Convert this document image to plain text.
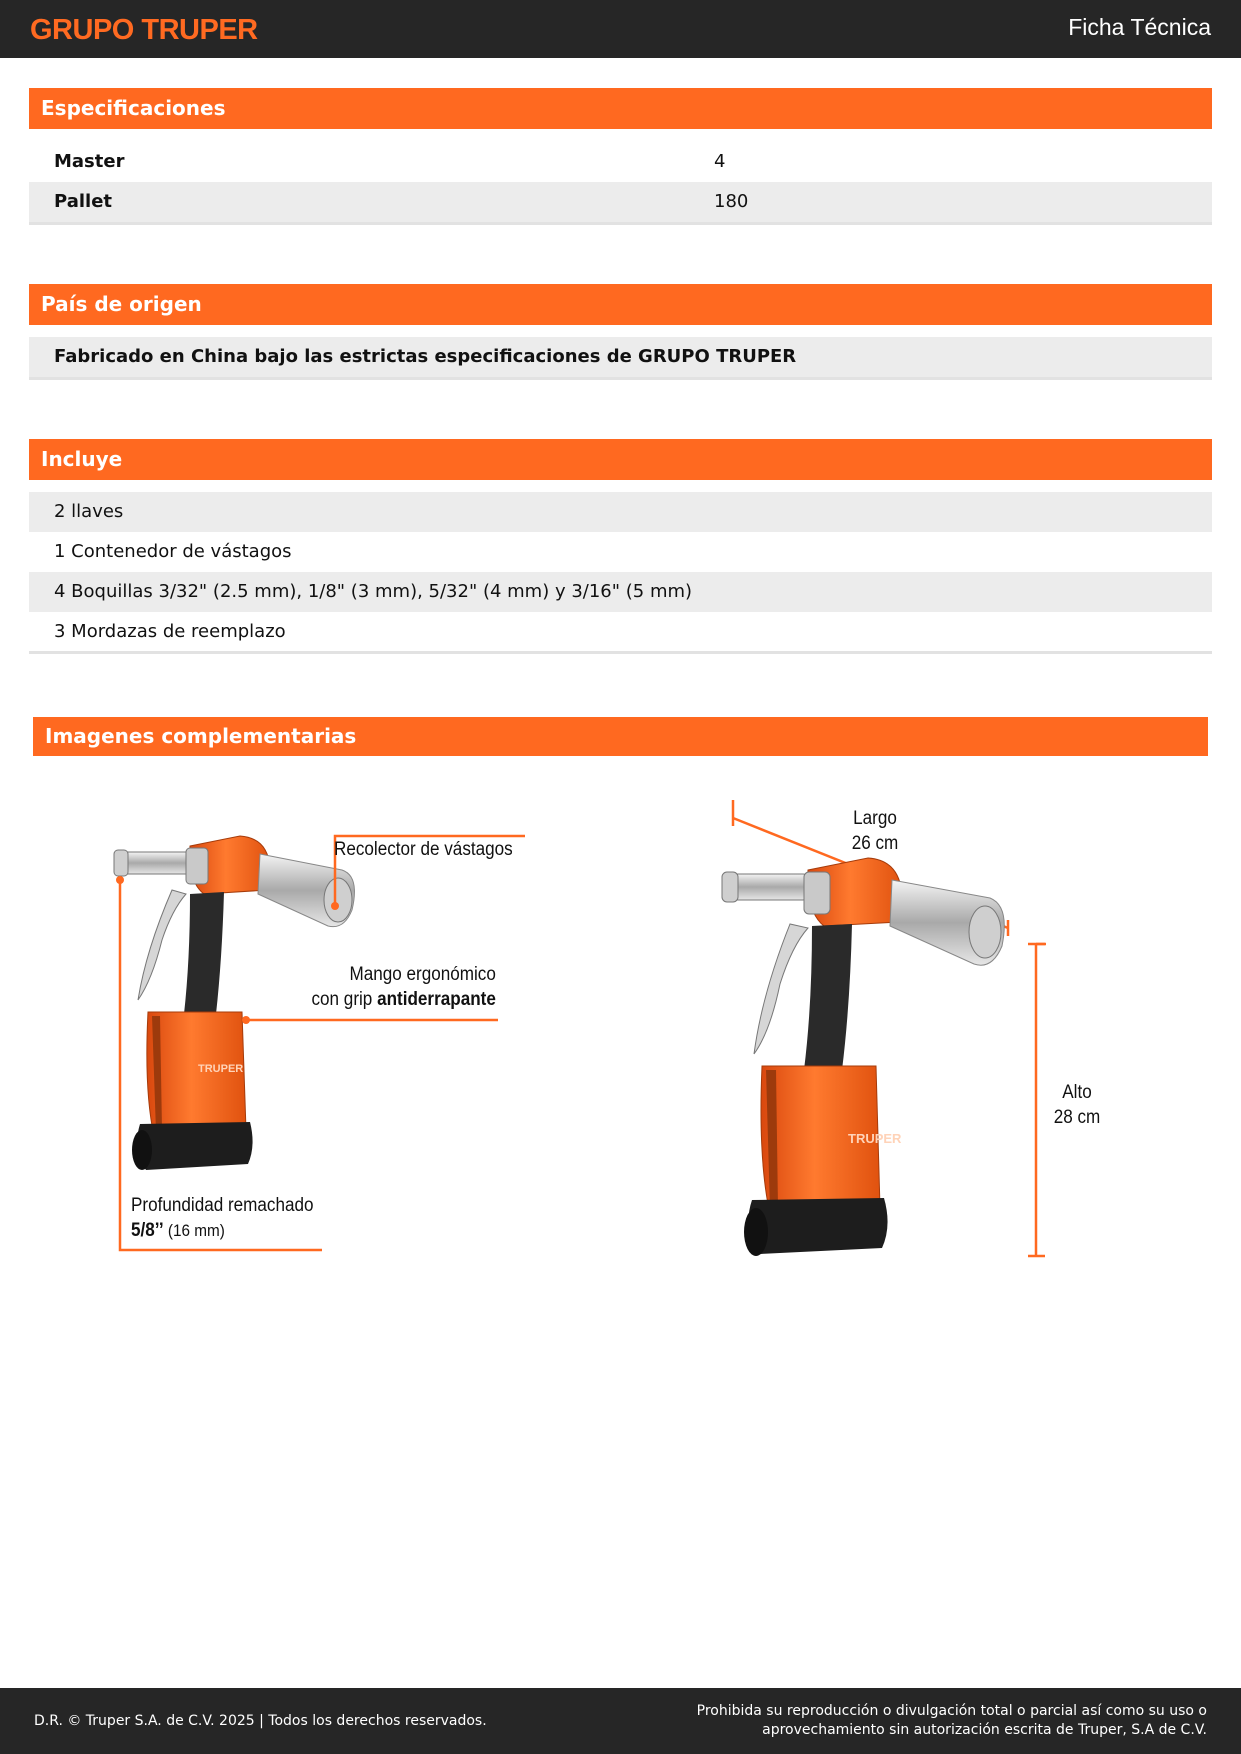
GRUPO TRUPER	Ficha Técnica
Especificaciones
Master	4
Pallet	180
País de origen
Fabricado en China bajo las estrictas especificaciones de GRUPO TRUPER
Incluye
2 llaves
1 Contenedor de vástagos
4 Boquillas 3/32" (2.5 mm), 1/8" (3 mm), 5/32" (4 mm) y 3/16" (5 mm)
3 Mordazas de reemplazo
Imagenes complementarias
TRUPER
Recolector de vástagos
Mango ergonómico
con grip antiderrapante
Profundidad remachado
5/8’’ (16 mm)
TRUPER
Largo
26 cm
Alto
28 cm
D.R. © Truper S.A. de C.V. 2025 | Todos los derechos reservados.
Prohibida su reproducción o divulgación total o parcial así como su uso o
aprovechamiento sin autorización escrita de Truper, S.A de C.V.
